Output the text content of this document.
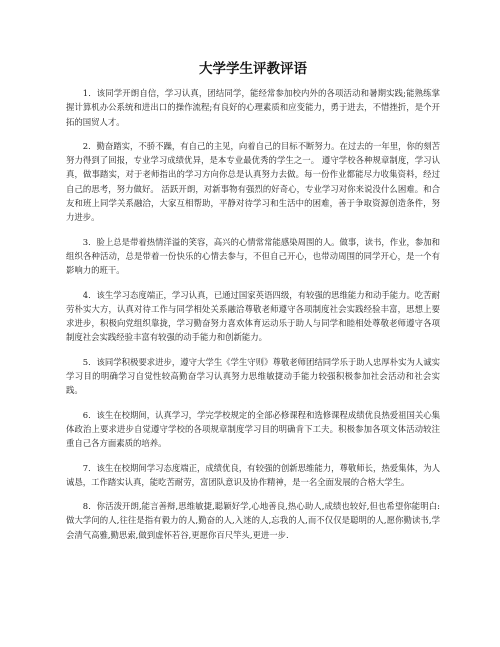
大学学生评教评语

1．该同学开朗自信，学习认真，团结同学，能经常参加校内外的各项活动和暑期实践;能熟练掌握计算机办公系统和进出口的操作流程;有良好的心理素质和应变能力，勇于进去，不惜挫折，是个开拓的国贸人才。

2．勤奋踏实，不骄不躁，有自己的主见，向着自己的目标不断努力。在过去的一年里，你的刻苦努力得到了回报，专业学习成绩优异，是本专业最优秀的学生之一。 遵守学校各种规章制度，学习认真，做事踏实，对于老师指出的学习方向你总是认真努力去做。每一份作业都能尽力收集资料，经过自己的思考，努力做好。 活跃开朗，对新事物有强烈的好奇心，专业学习对你来说没什么困难。和合友和班上同学关系融洽，大家互相帮助，平静对待学习和生活中的困难，善于争取资源创造条件，努力进步。

3．脸上总是带着热情洋溢的笑容，高兴的心情常常能感染周围的人。做事，读书，作业，参加和组织各种活动，总是带着一份快乐的心情去参与，不但自己开心，也带动周围的同学开心，是一个有影响力的班干。

4．该生学习态度端正，学习认真，已通过国家英语四级，有较强的思维能力和动手能力。吃苦耐劳朴实大方，认真对待工作与同学相处关系融洽尊敬老师遵守各项制度社会实践经验丰富，思想上要求进步，积极向党组织靠拢，学习勤奋努力喜欢体育运动乐于助人与同学和睦相处尊敬老师遵守各项制度社会实践经验丰富有较强的动手能力和创新能力。

5．该同学积极要求进步，遵守大学生《学生守则》尊敬老师团结同学乐于助人忠厚朴实为人诚实学习目的明确学习自觉性较高勤奋学习认真努力思维敏捷动手能力较强积极参加社会活动和社会实践。

6．该生在校期间，认真学习，学完学校规定的全部必修课程和选修课程成绩优良热爱祖国关心集体政治上要求进步自觉遵守学校的各项规章制度学习目的明确肯下工夫。积极参加各项文体活动较注重自己各方面素质的培养。

7．该生在校期间学习态度端正，成绩优良，有较强的创新思维能力，尊敬师长，热爱集体，为人诚恳，工作踏实认真，能吃苦耐劳，富团队意识及协作精神，是一名全面发展的合格大学生。

8．你活泼开朗,能言善辩,思维敏捷,聪颖好学,心地善良,热心助人,成绩也较好,但也希望你能明白:做大学问的人,往往是指有毅力的人,勤奋的人,入迷的人,忘我的人,而不仅仅是聪明的人,愿你勤读书,学会清气高雅,勤思索,做到虚怀若谷,更愿你百尺竿头,更进一步.
